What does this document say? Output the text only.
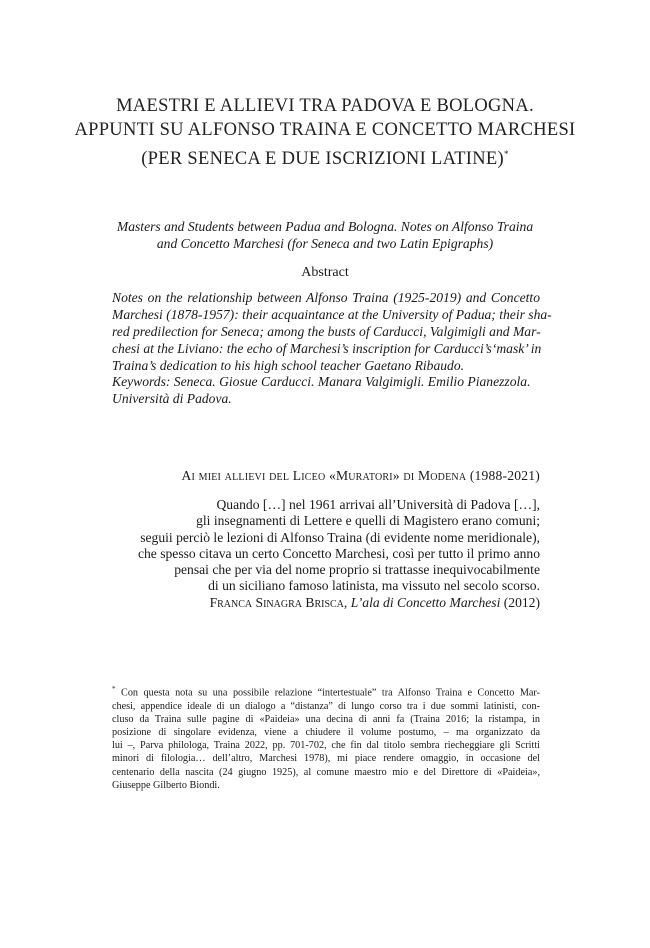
MAESTRI E ALLIEVI TRA PADOVA E BOLOGNA.
APPUNTI SU ALFONSO TRAINA E CONCETTO MARCHESI
(PER SENECA E DUE ISCRIZIONI LATINE)*
Masters and Students between Padua and Bologna. Notes on Alfonso Traina
and Concetto Marchesi (for Seneca and two Latin Epigraphs)
Abstract
Notes on the relationship between Alfonso Traina (1925-2019) and Concetto
Marchesi (1878-1957): their acquaintance at the University of Padua; their sha-
red predilection for Seneca; among the busts of Carducci, Valgimigli and Mar-
chesi at the Liviano: the echo of Marchesi’s inscription for Carducci’s‘mask’ in
Traina’s dedication to his high school teacher Gaetano Ribaudo.
Keywords: Seneca. Giosue Carducci. Manara Valgimigli. Emilio Pianezzola.
Università di Padova.
Ai miei allievi del Liceo «Muratori» di Modena (1988-2021)
Quando […] nel 1961 arrivai all’Università di Padova […],
gli insegnamenti di Lettere e quelli di Magistero erano comuni;
seguii perciò le lezioni di Alfonso Traina (di evidente nome meridionale),
che spesso citava un certo Concetto Marchesi, così per tutto il primo anno
pensai che per via del nome proprio si trattasse inequivocabilmente
di un siciliano famoso latinista, ma vissuto nel secolo scorso.
Franca Sinagra Brisca, L’ala di Concetto Marchesi (2012)
* Con questa nota su una possibile relazione “intertestuale” tra Alfonso Traina e Concetto Mar-
chesi, appendice ideale di un dialogo a “distanza” di lungo corso tra i due sommi latinisti, con-
cluso da Traina sulle pagine di «Paideia» una decina di anni fa (Traina 2016; la ristampa, in
posizione di singolare evidenza, viene a chiudere il volume postumo, – ma organizzato da
lui –, Parva philologa, Traina 2022, pp. 701-702, che fin dal titolo sembra riecheggiare gli Scritti
minori di filologia… dell’altro, Marchesi 1978), mi piace rendere omaggio, in occasione del
centenario della nascita (24 giugno 1925), al comune maestro mio e del Direttore di «Paideia»,
Giuseppe Gilberto Biondi.
